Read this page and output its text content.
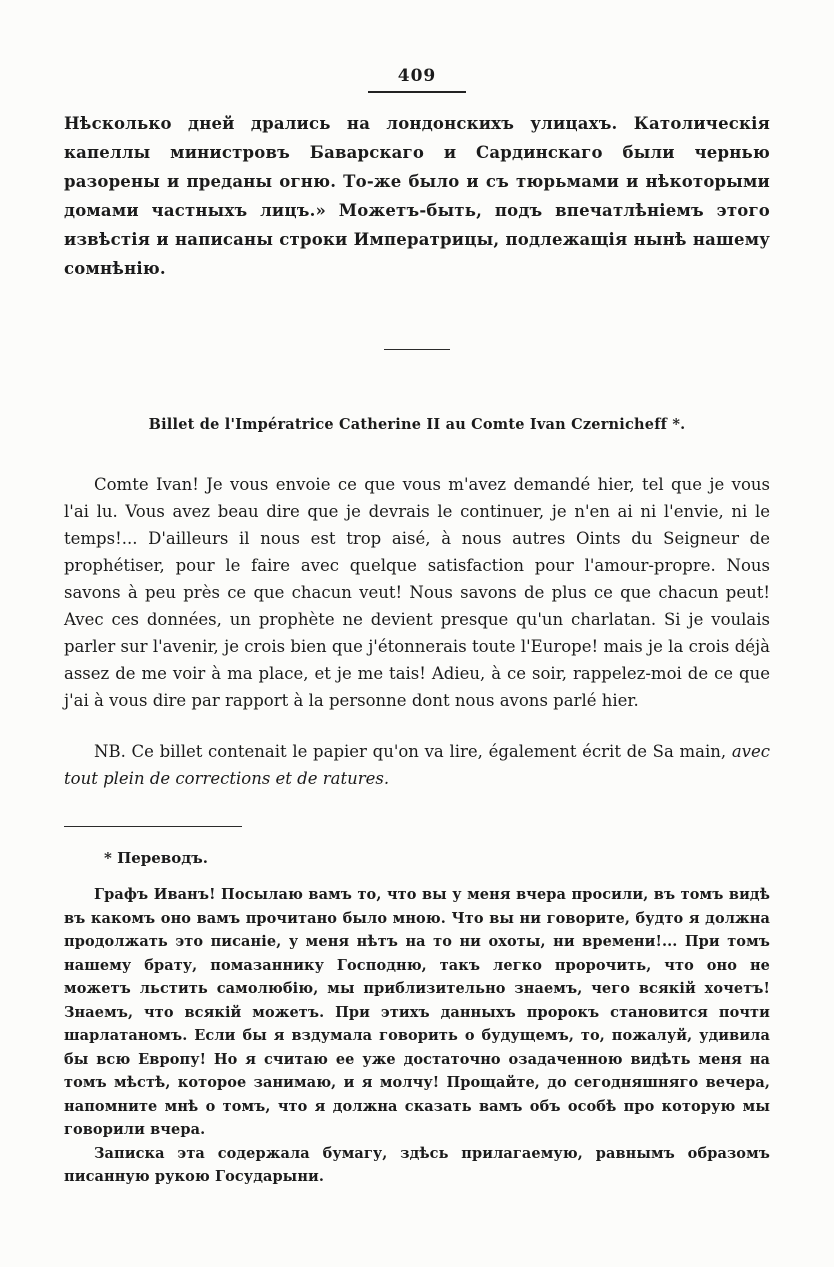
409

Нѣсколько дней дрались на лондонскихъ улицахъ. Католическія капеллы министровъ Баварскаго и Сардинскаго были чернью разорены и преданы огню. То-же было и съ тюрьмами и нѣкоторыми домами частныхъ лицъ.» Можетъ-быть, подъ впечатлѣніемъ этого извѣстія и написаны строки Императрицы, подлежащія нынѣ нашему сомнѣнію.

Billet de l'Impératrice Catherine II au Comte Ivan Czernicheff *.

Comte Ivan! Je vous envoie ce que vous m'avez demandé hier, tel que je vous l'ai lu. Vous avez beau dire que je devrais le continuer, je n'en ai ni l'envie, ni le temps!... D'ailleurs il nous est trop aisé, à nous autres Oints du Seigneur de prophétiser, pour le faire avec quelque satisfaction pour l'amour-propre. Nous savons à peu près ce que chacun veut! Nous savons de plus ce que chacun peut! Avec ces données, un prophète ne devient presque qu'un charlatan. Si je voulais parler sur l'avenir, je crois bien que j'étonnerais toute l'Europe! mais je la crois déjà assez de me voir à ma place, et je me tais! Adieu, à ce soir, rappelez-moi de ce que j'ai à vous dire par rapport à la personne dont nous avons parlé hier.

NB. Ce billet contenait le papier qu'on va lire, également écrit de Sa main, avec tout plein de corrections et de ratures.

* Переводъ.

Графъ Иванъ! Посылаю вамъ то, что вы у меня вчера просили, въ томъ видѣ въ какомъ оно вамъ прочитано было мною. Что вы ни говорите, будто я должна продолжать это писаніе, у меня нѣтъ на то ни охоты, ни времени!... При томъ нашему брату, помазаннику Господню, такъ легко пророчить, что оно не можетъ льстить самолюбію, мы приблизительно знаемъ, чего всякій хочетъ! Знаемъ, что всякій можетъ. При этихъ данныхъ пророкъ становится почти шарлатаномъ. Если бы я вздумала говорить о будущемъ, то, пожалуй, удивила бы всю Европу! Но я считаю ее уже достаточно озадаченною видѣть меня на томъ мѣстѣ, которое занимаю, и я молчу! Прощайте, до сегодняшняго вечера, напомните мнѣ о томъ, что я должна сказать вамъ объ особѣ про которую мы говорили вчера.

Записка эта содержала бумагу, здѣсь прилагаемую, равнымъ образомъ писанную рукою Государыни.
